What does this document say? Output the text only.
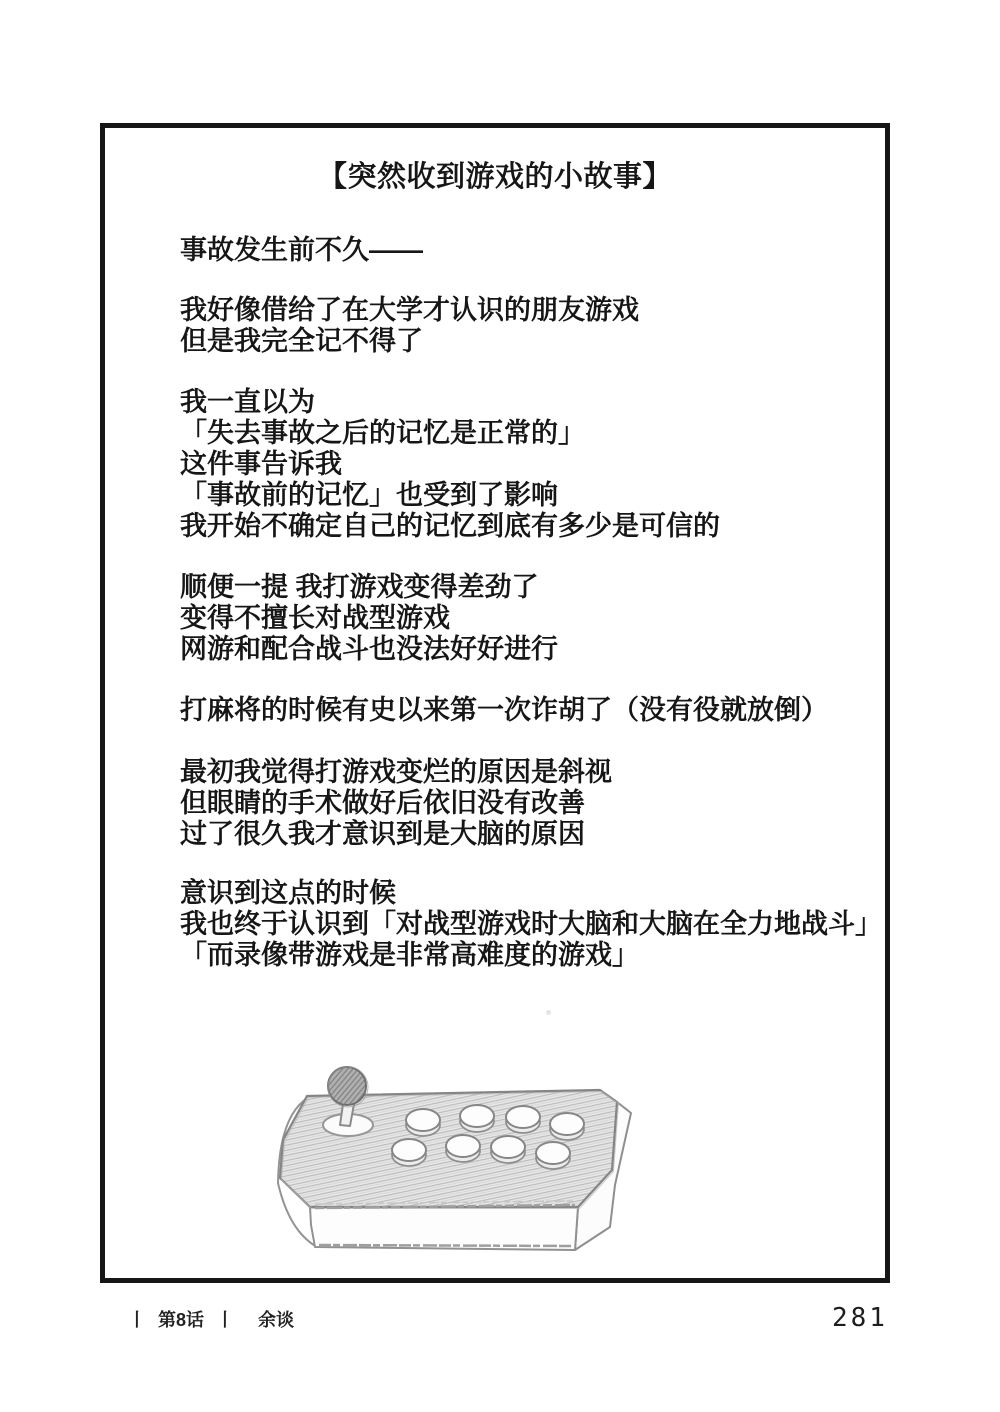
【突然收到游戏的小故事】
事故发生前不久——
我好像借给了在大学才认识的朋友游戏
但是我完全记不得了
我一直以为
「失去事故之后的记忆是正常的」
这件事告诉我
「事故前的记忆」也受到了影响
我开始不确定自己的记忆到底有多少是可信的
顺便一提 我打游戏变得差劲了
变得不擅长对战型游戏
网游和配合战斗也没法好好进行
打麻将的时候有史以来第一次诈胡了（没有役就放倒）
最初我觉得打游戏变烂的原因是斜视
但眼睛的手术做好后依旧没有改善
过了很久我才意识到是大脑的原因
意识到这点的时候
我也终于认识到「对战型游戏时大脑和大脑在全力地战斗」
「而录像带游戏是非常高难度的游戏」
丨 第8话 丨  余谈	281
